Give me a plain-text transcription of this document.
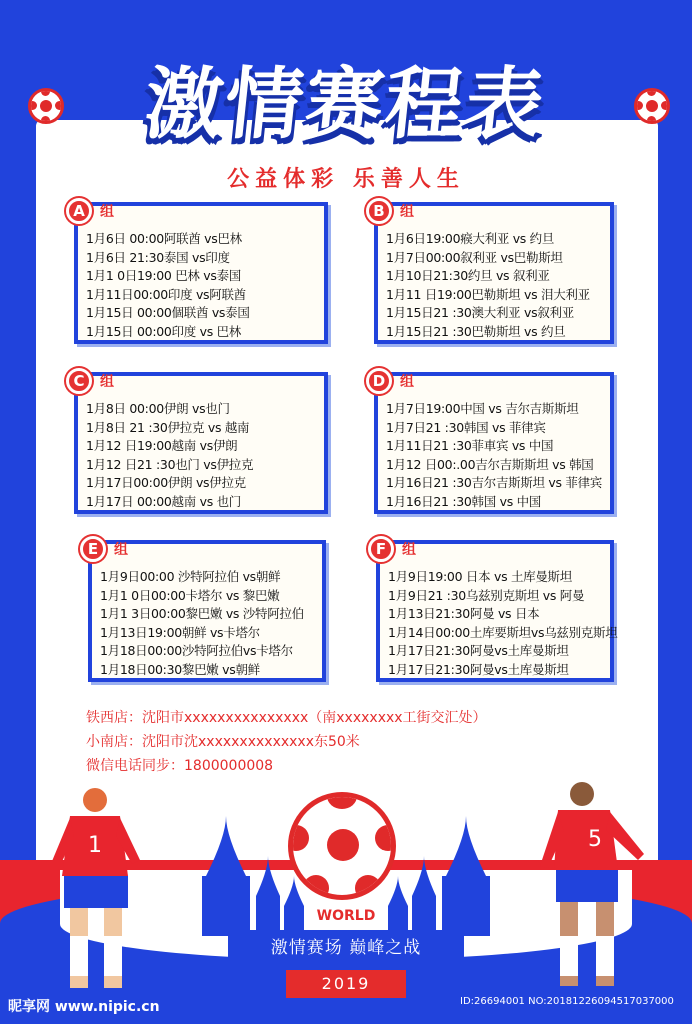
激情赛程表
公益体彩 乐善人生
A	组
1月6日 00:00阿联酋 vs巴林
1月6日 21:30泰国 vs印度
1月1 0日19:00 巴林 vs泰国
1月11日00:00印度 vs阿联酋
1月15日 00:00個联酋 vs泰国
1月15日 00:00印度 vs 巴林
B	组
1月6日19:00瘊大利亚 vs 约旦
1月7日00:00叙利亚 vs巴勒斯坦
1月10日21:30约旦 vs 叙利亚
1月11 日19:00巴勒斯坦 vs 泪大利亚
1月15日21 :30澳大利亚 vs叙利亚
1月15日21 :30巴勒斯坦 vs 约旦
C	组
1月8日 00:00伊朗 vs也门
1月8日 21 :30伊拉克 vs 越南
1月12 日19:00越南 vs伊朗
1月12 日21 :30也门 vs伊拉克
1月17日00:00伊朗 vs伊拉克
1月17日 00:00越南 vs 也门
D	组
1月7日19:00中国 vs 吉尔吉斯斯坦
1月7日21 :30韩国 vs 菲律宾
1月11日21 :30菲車宾 vs 中国
1月12 日00:.00吉尔吉斯斯坦 vs 韩国
1月16日21 :30吉尔吉斯斯坦 vs 菲律宾
1月16日21 :30韩国 vs 中国
E	组
1月9日00:00 沙特阿拉伯 vs朝鲜
1月1 0日00:00卡塔尔 vs 黎巴嫩
1月1 3日00:00黎巴嫩 vs 沙特阿拉伯
1月13日19:00朝鲜 vs卡塔尔
1月18日00:00沙特阿拉伯vs卡塔尔
1月18日00:30黎巴嫩 vs朝鲜
F	组
1月9日19:00 日本 vs 土库曼斯坦
1月9日21 :30乌兹别克斯坦 vs 阿曼
1月13日21:30阿曼 vs 日本
1月14日00:00土库要斯坦vs乌兹别克斯坦
1月17日21:30阿曼vs土库曼斯坦
1月17日21:30阿曼vs土库曼斯坦
铁西店：沈阳市xxxxxxxxxxxxxxx（南xxxxxxxx工街交汇处）
小南店：沈阳市沈xxxxxxxxxxxxxx东50米
微信电话同步：1800000008
WORLD
激情赛场 巅峰之战
2019
1	5
昵享网 www.nipic.cn	ID:26694001 NO:20181226094517037000
